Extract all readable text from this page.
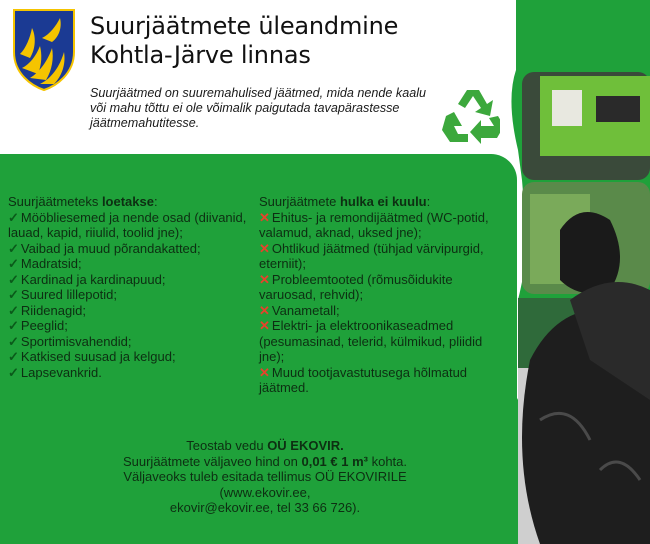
Suurjäätmete üleandmine
Kohtla-Järve linnas
Suurjäätmed on suuremahulised jäätmed, mida nende kaalu või mahu tõttu ei ole võimalik paigutada tavapärastesse jäätmemahutitesse.
Suurjäätmeteks loetakse:
✓ Mööbliesemed ja nende osad (diivanid, lauad, kapid, riiulid, toolid jne);
✓ Vaibad ja muud põrandakatted;
✓ Madratsid;
✓ Kardinad ja kardinapuud;
✓ Suured lillepotid;
✓ Riidenagid;
✓ Peeglid;
✓ Sportimisvahendid;
✓ Katkised suusad ja kelgud;
✓ Lapsevankrid.
Suurjäätmete hulka ei kuulu:
✕ Ehitus- ja remondijäätmed (WC-potid, valamud, aknad, uksed jne);
✕ Ohtlikud jäätmed (tühjad värvipurgid, eterniit);
✕ Probleemtooted (rõmusõidukite varuosad, rehvid);
✕ Vanametall;
✕ Elektri- ja elektroonikaseadmed (pesumasinad, telerid, külmikud, pliidid jne);
✕ Muud tootjavastutusega hõlmatud jäätmed.
Teostab vedu OÜ EKOVIR.
Suurjäätmete väljaveo hind on 0,01 € 1 m³ kohta.
Väljaveoks tuleb esitada tellimus OÜ EKOVIRILE (www.ekovir.ee,
ekovir@ekovir.ee, tel 33 66 726).
